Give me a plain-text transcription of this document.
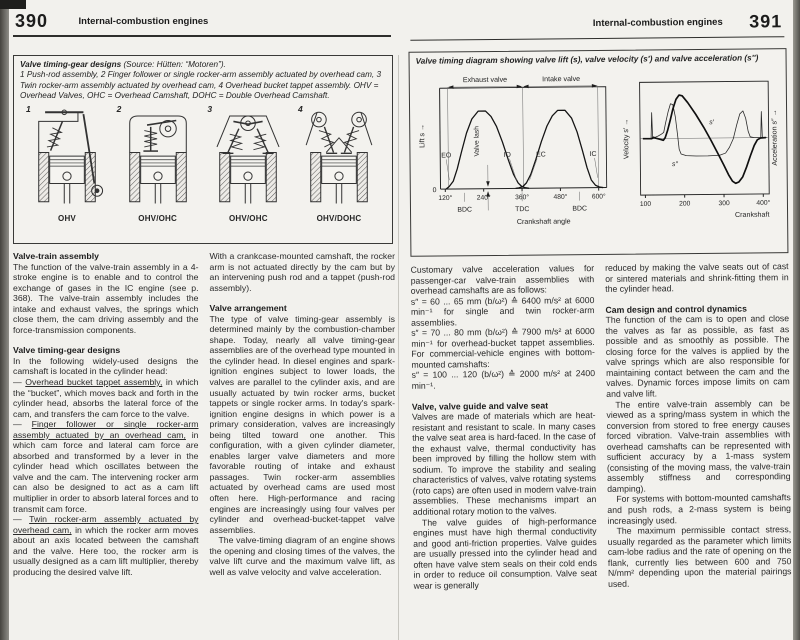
390	Internal-combustion engines
Valve timing-gear designs (Source: Hütten: “Motoren”).
1 Push-rod assembly, 2 Finger follower or single rocker-arm assembly actuated by overhead cam, 3 Twin rocker-arm assembly actuated by overhead cam, 4 Overhead bucket tappet assembly. OHV = Overhead Valves, OHC = Overhead Camshaft, DOHC = Double Overhead Camshaft.
1
OHV
2
OHV/OHC
3
OHV/OHC
4
OHV/DOHC

Valve-train assembly

The function of the valve-train assembly in a 4-stroke engine is to enable and to control the exchange of gases in the IC engine (see p. 368). The valve-train assembly includes the intake and exhaust valves, the springs which close them, the cam driving assembly and the force-transmission components.

Valve timing-gear designs

In the following widely-used designs the camshaft is located in the cylinder head:

— Overhead bucket tappet assembly, in which the “bucket”, which moves back and forth in the cylinder head, absorbs the lateral force of the cam, and transfers the cam force to the valve.

— Finger follower or single rocker-arm assembly actuated by an overhead cam, in which cam force and lateral cam force are absorbed and transformed by a lever in the cylinder head which oscillates between the valve and the cam. The intervening rocker arm can also be designed to act as a cam lift multiplier in order to absorb lateral forces and to transmit cam force.

— Twin rocker-arm assembly actuated by overhead cam, in which the rocker arm moves about an axis located between the camshaft and the valve. Here too, the rocker arm is usually designed as a cam lift multiplier, thereby producing the desired valve lift.

With a crankcase-mounted camshaft, the rocker arm is not actuated directly by the cam but by an intervening push rod and a tappet (push-rod assembly).

Valve arrangement

The type of valve timing-gear assembly is determined mainly by the combustion-chamber shape. Today, nearly all valve timing-gear assemblies are of the overhead type mounted in the cylinder head. In diesel engines and spark-ignition engines subject to lower loads, the valves are parallel to the cylinder axis, and are usually actuated by twin rocker arms, bucket tappets or single rocker arms. In today's spark-ignition engine designs in which power is a primary consideration, valves are increasingly being tilted toward one another. This configuration, with a given cylinder diameter, enables larger valve diameters and more favorable routing of intake and exhaust passages. Twin rocker-arm assemblies actuated by overhead cams are used most often here. High-performance and racing engines are increasingly using four valves per cylinder and overhead-bucket-tappet valve assemblies.

The valve-timing diagram of an engine shows the opening and closing times of the valves, the valve lift curve and the maximum valve lift, as well as valve velocity and valve acceleration.

Internal-combustion engines 391
Valve timing diagram showing valve lift (s), valve velocity (s′) and valve acceleration (s″)
Exhaust valve	Intake valve
EO	IO	EC	IC
Valve lash
Lift s →
0
120°	240°	360°	480°	600°
BDC	TDC	BDC
Crankshaft angle
s′
s″
Velocity s′ →	Acceleration s″ →
100	200	300	400°
Crankshaft

Customary valve acceleration values for passenger-car valve-train assemblies with overhead camshafts are as follows:

s″ = 60 ... 65 mm (b/ω²) ≙ 6400 m/s² at 6000 min⁻¹ for single and twin rocker-arm assemblies.

s″ = 70 ... 80 mm (b/ω²) ≙ 7900 m/s² at 6000 min⁻¹ for overhead-bucket tappet assemblies. For commercial-vehicle engines with bottom-mounted camshafts:

s″ = 100 ... 120 (b/ω²) ≙ 2000 m/s² at 2400 min⁻¹.

Valve, valve guide and valve seat

Valves are made of materials which are heat-resistant and resistant to scale. In many cases the valve seat area is hard-faced. In the case of the exhaust valve, thermal conductivity has been improved by filling the hollow stem with sodium. To improve the stability and sealing characteristics of valves, valve rotating systems (roto caps) are often used in modern valve-train assemblies. These mechanisms impart an additional rotary motion to the valves.

The valve guides of high-performance engines must have high thermal conductivity and good anti-friction properties. Valve guides are usually pressed into the cylinder head and often have valve stem seals on their cold ends in order to reduce oil consumption. Valve seat wear is generally

reduced by making the valve seats out of cast or sintered materials and shrink-fitting them in the cylinder head.

Cam design and control dynamics

The function of the cam is to open and close the valves as far as possible, as fast as possible and as smoothly as possible. The closing force for the valves is applied by the valve springs which are also responsible for maintaining contact between the cam and the valves. Dynamic forces impose limits on cam and valve lift.

The entire valve-train assembly can be viewed as a spring/mass system in which the conversion from stored to free energy causes forced vibration. Valve-train assemblies with overhead camshafts can be represented with sufficient accuracy by a 1-mass system (consisting of the moving mass, the valve-train assembly stiffness and corresponding damping).

For systems with bottom-mounted camshafts and push rods, a 2-mass system is being increasingly used.

The maximum permissible contact stress, usually regarded as the parameter which limits cam-lobe radius and the rate of opening on the flank, currently lies between 600 and 750 N/mm² depending upon the material pairings used.
